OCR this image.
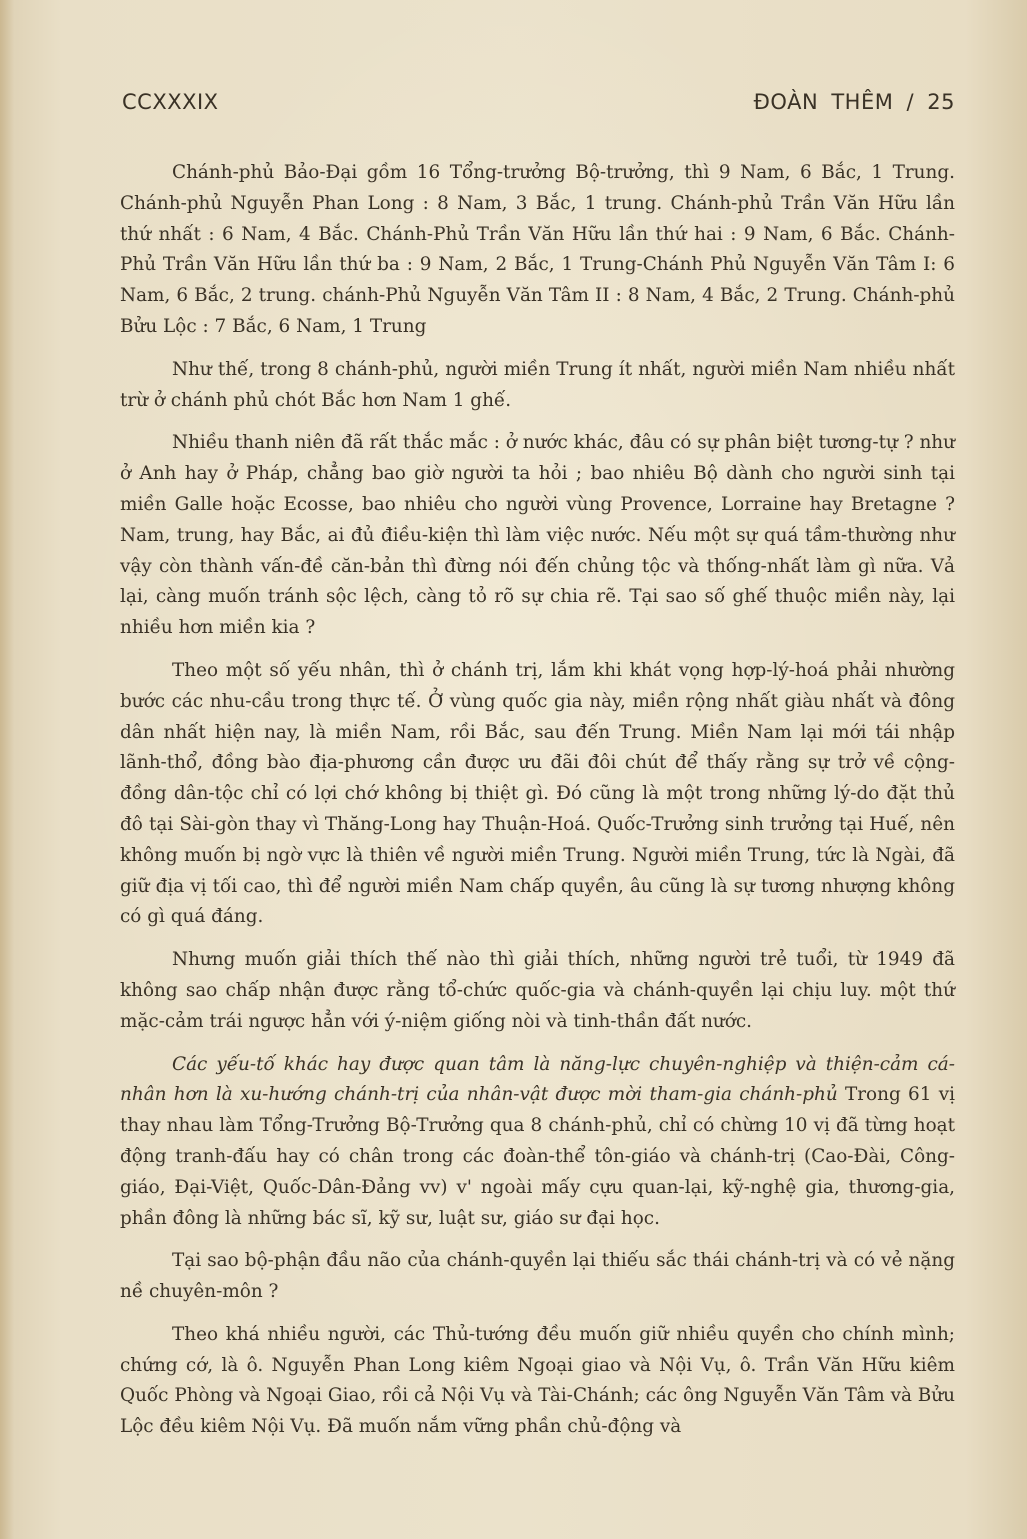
CCXXXIX	ĐOÀN THÊM / 25

Chánh-phủ Bảo-Đại gồm 16 Tổng-trưởng Bộ-trưởng, thì 9 Nam, 6 Bắc, 1 Trung. Chánh-phủ Nguyễn Phan Long : 8 Nam, 3 Bắc, 1 trung. Chánh-phủ Trần Văn Hữu lần thứ nhất : 6 Nam, 4 Bắc. Chánh-Phủ Trần Văn Hữu lần thứ hai : 9 Nam, 6 Bắc. Chánh-Phủ Trần Văn Hữu lần thứ ba : 9 Nam, 2 Bắc, 1 Trung-Chánh Phủ Nguyễn Văn Tâm I: 6 Nam, 6 Bắc, 2 trung. chánh-Phủ Nguyễn Văn Tâm II : 8 Nam, 4 Bắc, 2 Trung. Chánh-phủ Bửu Lộc : 7 Bắc, 6 Nam, 1 Trung

Như thế, trong 8 chánh-phủ, người miền Trung ít nhất, người miền Nam nhiều nhất trừ ở chánh phủ chót Bắc hơn Nam 1 ghế.

Nhiều thanh niên đã rất thắc mắc : ở nước khác, đâu có sự phân biệt tương-tự ? như ở Anh hay ở Pháp, chẳng bao giờ người ta hỏi ; bao nhiêu Bộ dành cho người sinh tại miền Galle hoặc Ecosse, bao nhiêu cho người vùng Provence, Lorraine hay Bretagne ? Nam, trung, hay Bắc, ai đủ điều-kiện thì làm việc nước. Nếu một sự quá tầm-thường như vậy còn thành vấn-đề căn-bản thì đừng nói đến chủng tộc và thống-nhất làm gì nữa. Vả lại, càng muốn tránh sộc lệch, càng tỏ rõ sự chia rẽ. Tại sao số ghế thuộc miền này, lại nhiều hơn miền kia ?

Theo một số yếu nhân, thì ở chánh trị, lắm khi khát vọng hợp-lý-hoá phải nhường bước các nhu-cầu trong thực tế. Ở vùng quốc gia này, miền rộng nhất giàu nhất và đông dân nhất hiện nay, là miền Nam, rồi Bắc, sau đến Trung. Miền Nam lại mới tái nhập lãnh-thổ, đồng bào địa-phương cần được ưu đãi đôi chút để thấy rằng sự trở về cộng-đồng dân-tộc chỉ có lợi chớ không bị thiệt gì. Đó cũng là một trong những lý-do đặt thủ đô tại Sài-gòn thay vì Thăng-Long hay Thuận-Hoá. Quốc-Trưởng sinh trưởng tại Huế, nên không muốn bị ngờ vực là thiên về người miền Trung. Người miền Trung, tức là Ngài, đã giữ địa vị tối cao, thì để người miền Nam chấp quyền, âu cũng là sự tương nhượng không có gì quá đáng.

Nhưng muốn giải thích thế nào thì giải thích, những người trẻ tuổi, từ 1949 đã không sao chấp nhận được rằng tổ-chức quốc-gia và chánh-quyền lại chịu luy. một thứ mặc-cảm trái ngược hẳn với ý-niệm giống nòi và tinh-thần đất nước.

Các yếu-tố khác hay được quan tâm là năng-lực chuyên-nghiệp và thiện-cảm cá-nhân hơn là xu-hướng chánh-trị của nhân-vật được mời tham-gia chánh-phủ Trong 61 vị thay nhau làm Tổng-Trưởng Bộ-Trưởng qua 8 chánh-phủ, chỉ có chừng 10 vị đã từng hoạt động tranh-đấu hay có chân trong các đoàn-thể tôn-giáo và chánh-trị (Cao-Đài, Công-giáo, Đại-Việt, Quốc-Dân-Đảng vv) v' ngoài mấy cựu quan-lại, kỹ-nghệ gia, thương-gia, phần đông là những bác sĩ, kỹ sư, luật sư, giáo sư đại học.

Tại sao bộ-phận đầu não của chánh-quyền lại thiếu sắc thái chánh-trị và có vẻ nặng nề chuyên-môn ?

Theo khá nhiều người, các Thủ-tướng đều muốn giữ nhiều quyền cho chính mình; chứng cớ, là ô. Nguyễn Phan Long kiêm Ngoại giao và Nội Vụ, ô. Trần Văn Hữu kiêm Quốc Phòng và Ngoại Giao, rồi cả Nội Vụ và Tài-Chánh; các ông Nguyễn Văn Tâm và Bửu Lộc đều kiêm Nội Vụ. Đã muốn nắm vững phần chủ-động và
